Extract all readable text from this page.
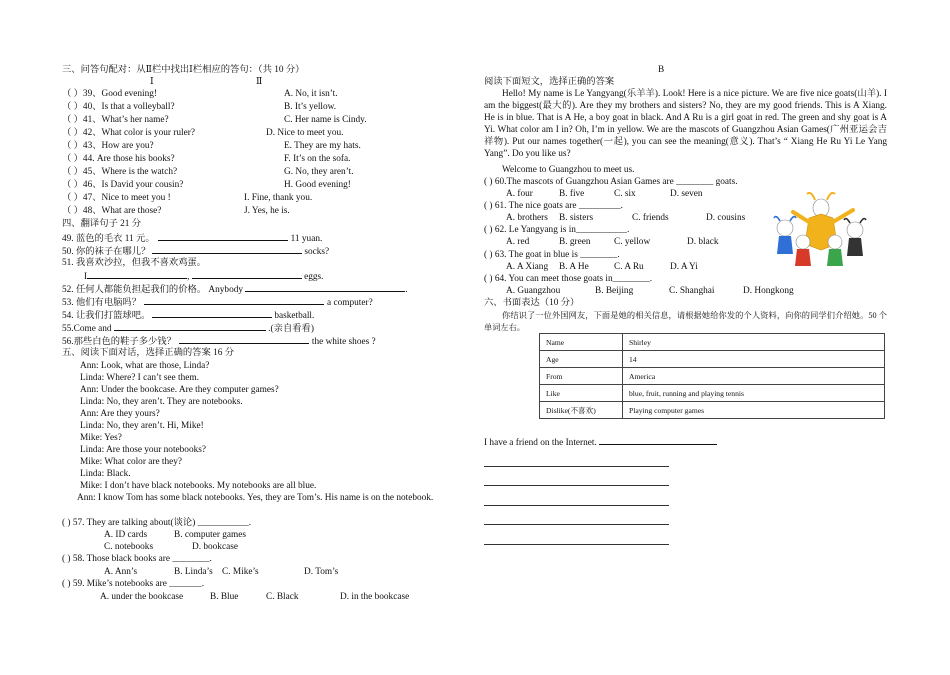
三、问答句配对：从Ⅱ栏中找出Ⅰ栏相应的答句：（共 10 分）
Ⅰ	Ⅱ
（ ）39、Good evening!	A. No, it isn’t.
（ ）40、Is that a volleyball?	B. It’s yellow.
（ ）41、What’s her name?	C. Her name is Cindy.
（ ）42、What color is your ruler?	D. Nice to meet you.
（ ）43、How are you?	E. They are my hats.
（ ）44. Are those his books?	F. It’s on the sofa.
（ ）45、Where is the watch?	G. No, they aren’t.
（ ）46、Is David your cousin?	H. Good evening!
（ ）47、Nice to meet you !	I. Fine, thank you.
（ ）48、What are those?	J. Yes, he is.
四、翻译句子 21 分
49. 蓝色的毛衣 11 元。	11 yuan.
50. 你的袜子在哪儿？	socks?
51. 我喜欢沙拉，但我不喜欢鸡蛋。
I	,	eggs.
52. 任何人都能负担起我们的价格。 Anybody	.
53. 他们有电脑吗？	a computer?
54. 让我们打篮球吧。	basketball.
55.Come and	.(亲自看看)
56.那些白色的鞋子多少钱？	the white shoes ?
五、阅读下面对话，选择正确的答案 16 分
Ann: Look, what are those, Linda?
Linda: Where? I can’t see them.
Ann: Under the bookcase. Are they computer games?
Linda: No, they aren’t. They are notebooks.
Ann: Are they yours?
Linda: No, they aren’t. Hi, Mike!
Mike: Yes?
Linda: Are those your notebooks?
Mike: What color are they?
Linda: Black.
Mike: I don’t have black notebooks. My notebooks are all blue.
Ann: I know Tom has some black notebooks. Yes, they are Tom’s. His name is on the notebook.
( ) 57. They are talking about(谈论) ___________.
A. ID cards	B. computer games
C. notebooks	D. bookcase
( ) 58. Those black books are ________.
A. Ann’s	B. Linda’s C. Mike’s	D. Tom’s
( ) 59. Mike’s notebooks are _______.
A. under the bookcase	B. Blue	C. Black	D. in the bookcase
B
阅读下面短文，选择正确的答案
Hello! My name is Le Yangyang(乐羊羊). Look! Here is a nice picture. We are five nice goats(山羊). I am the biggest(最大的). Are they my brothers and sisters? No, they are my good friends. This is A Xiang. He is in blue. That is A He, a boy goat in black. And A Ru is a girl goat in red. The green and shy goat is A Yi. What color am I in? Oh, I’m in yellow. We are the mascots of Guangzhou Asian Games(广州亚运会吉祥物). Put our names together(一起), you can see the meaning(意义). That’s “ Xiang He Ru Yi Le Yang Yang”. Do you like us?
Welcome to Guangzhou to meet us.
( ) 60.The mascots of Guangzhou Asian Games are ________ goats.
A. four	B. five	C. six	D. seven
( ) 61. The nice goats are _________.
A. brothers B. sisters	C. friends	D. cousins
( ) 62. Le Yangyang is in___________.
A. red	B. green	C. yellow	D. black
( ) 63. The goat in blue is ________.
A. A Xiang B. A He	C. A Ru	D. A Yi
( ) 64. You can meet those goats in________.
A. Guangzhou	B. Beijing	C. Shanghai	D. Hongkong
六、书面表达（10 分）
你结识了一位外国网友，下面是她的相关信息，请根据她给你发的个人资料，向你的同学们介绍她。50 个单词左右。
Name	Shirley
Age	14
From	America
Like	blue, fruit, running and playing tennis
Dislike(不喜欢)	Playing computer games
I have a friend on the Internet.
